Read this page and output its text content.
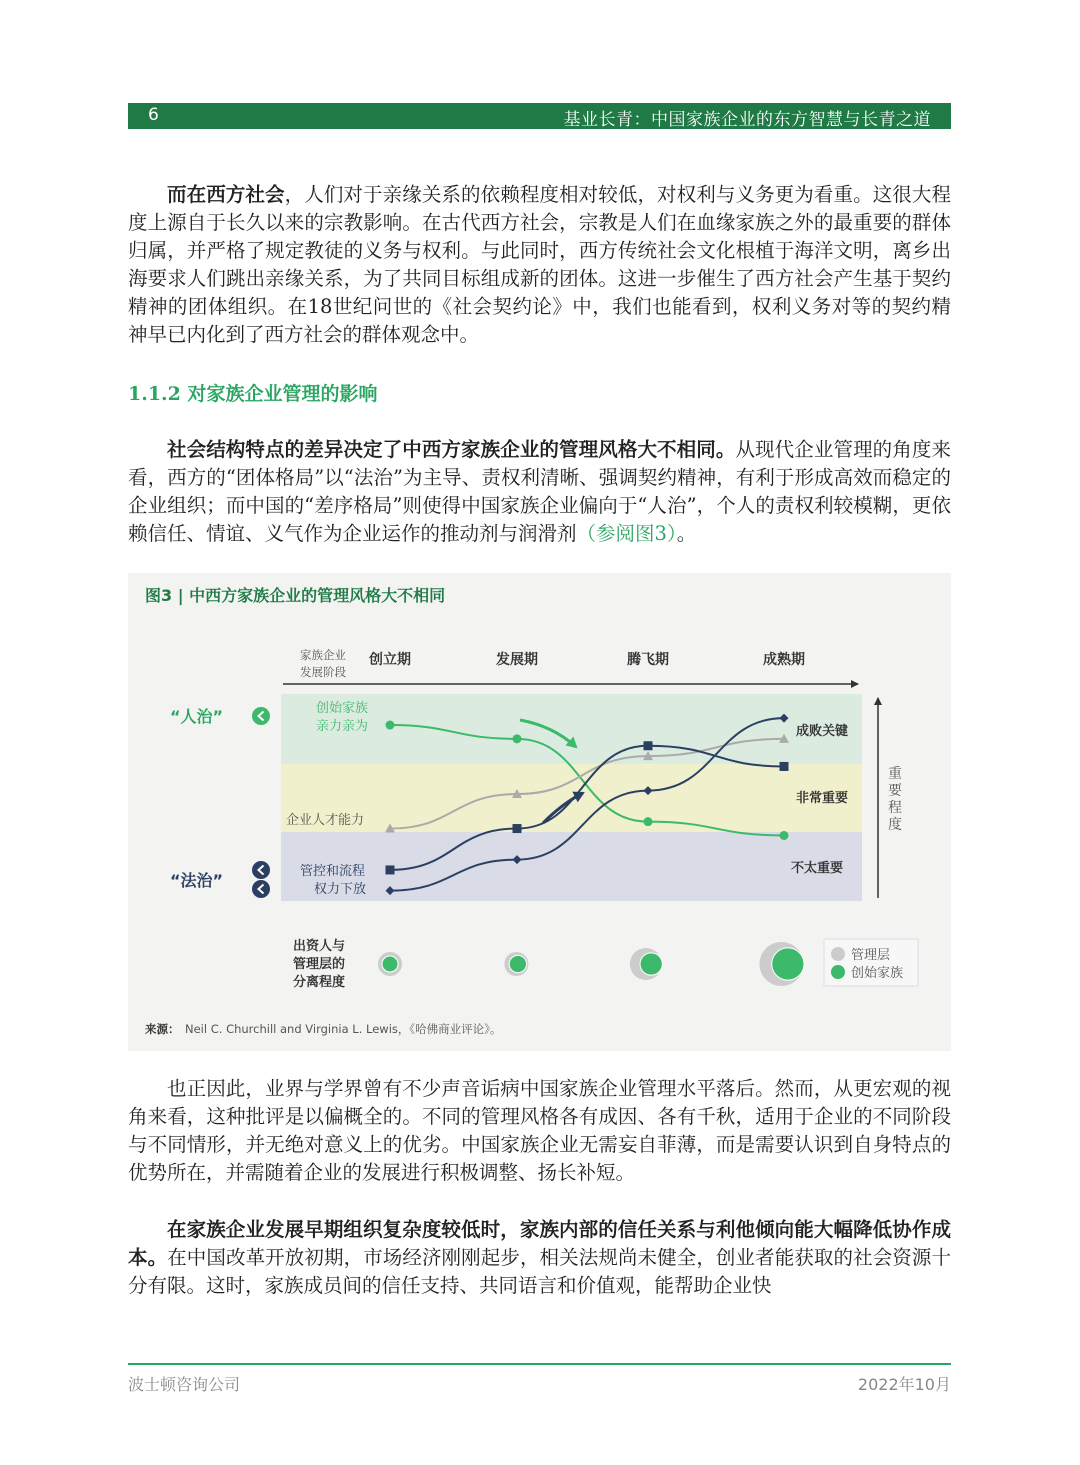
6	基业长青：中国家族企业的东方智慧与长青之道

而在西方社会，人们对于亲缘关系的依赖程度相对较低，对权利与义务更为看重。这很大程度上源自于长久以来的宗教影响。在古代西方社会，宗教是人们在血缘家族之外的最重要的群体归属，并严格了规定教徒的义务与权利。与此同时，西方传统社会文化根植于海洋文明，离乡出海要求人们跳出亲缘关系，为了共同目标组成新的团体。这进一步催生了西方社会产生基于契约精神的团体组织。在18世纪问世的《社会契约论》中，我们也能看到，权利义务对等的契约精神早已内化到了西方社会的群体观念中。

1.1.2 对家族企业管理的影响

社会结构特点的差异决定了中西方家族企业的管理风格大不相同。从现代企业管理的角度来看，西方的“团体格局”以“法治”为主导、责权利清晰、强调契约精神，有利于形成高效而稳定的企业组织；而中国的“差序格局”则使得中国家族企业偏向于“人治”，个人的责权利较模糊，更依赖信任、情谊、义气作为企业运作的推动剂与润滑剂（参阅图3）。

图3 | 中西方家族企业的管理风格大不相同
家族企业
发展阶段
创立期	发展期	腾飞期	成熟期
成败关键
非常重要
不太重要
重
要
程
度
“人治”
“法治”
创始家族
亲力亲为
企业人才能力
管控和流程
权力下放
出资人与
管理层的
分离程度
管理层
创始家族
来源： Neil C. Churchill and Virginia L. Lewis，《哈佛商业评论》。

也正因此，业界与学界曾有不少声音诟病中国家族企业管理水平落后。然而，从更宏观的视角来看，这种批评是以偏概全的。不同的管理风格各有成因、各有千秋，适用于企业的不同阶段与不同情形，并无绝对意义上的优劣。中国家族企业无需妄自菲薄，而是需要认识到自身特点的优势所在，并需随着企业的发展进行积极调整、扬长补短。

在家族企业发展早期组织复杂度较低时，家族内部的信任关系与利他倾向能大幅降低协作成本。在中国改革开放初期，市场经济刚刚起步，相关法规尚未健全，创业者能获取的社会资源十分有限。这时，家族成员间的信任支持、共同语言和价值观，能帮助企业快

波士顿咨询公司	2022年10月
